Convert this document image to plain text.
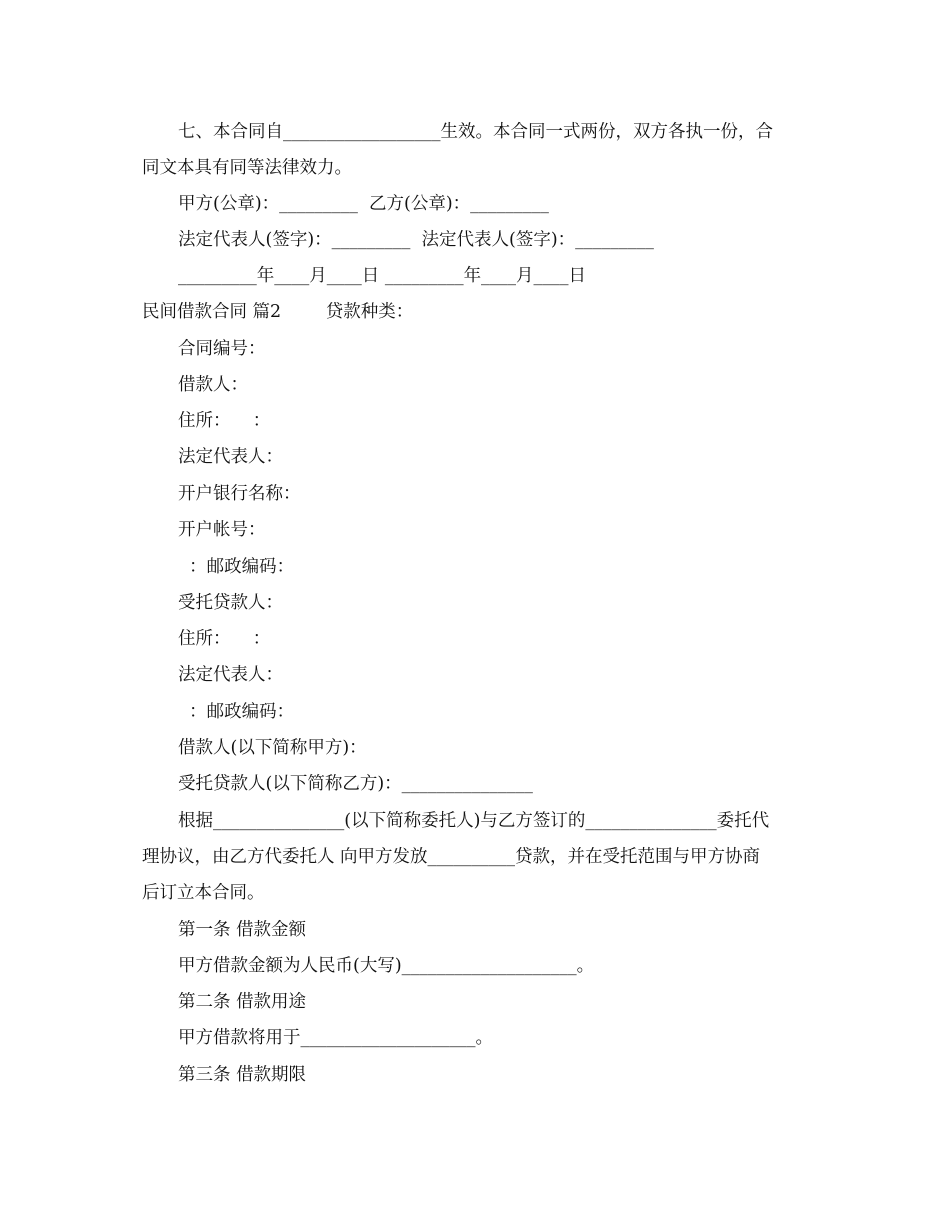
七、本合同自__________________生效。本合同一式两份，双方各执一份，合
同文本具有同等法律效力。
甲方(公章)：_________  乙方(公章)：_________
法定代表人(签字)：_________  法定代表人(签字)：_________
_________年____月____日 _________年____月____日
民间借款合同 篇2        贷款种类：
合同编号：
借款人：
住所：    ：
法定代表人：
开户银行名称：
开户帐号：
：邮政编码：
受托贷款人：
住所：    ：
法定代表人：
：邮政编码：
借款人(以下简称甲方)：
受托贷款人(以下简称乙方)：_______________
根据_______________(以下简称委托人)与乙方签订的_______________委托代
理协议，由乙方代委托人 向甲方发放__________贷款，并在受托范围与甲方协商
后订立本合同。
第一条 借款金额
甲方借款金额为人民币(大写)____________________。
第二条 借款用途
甲方借款将用于____________________。
第三条 借款期限
